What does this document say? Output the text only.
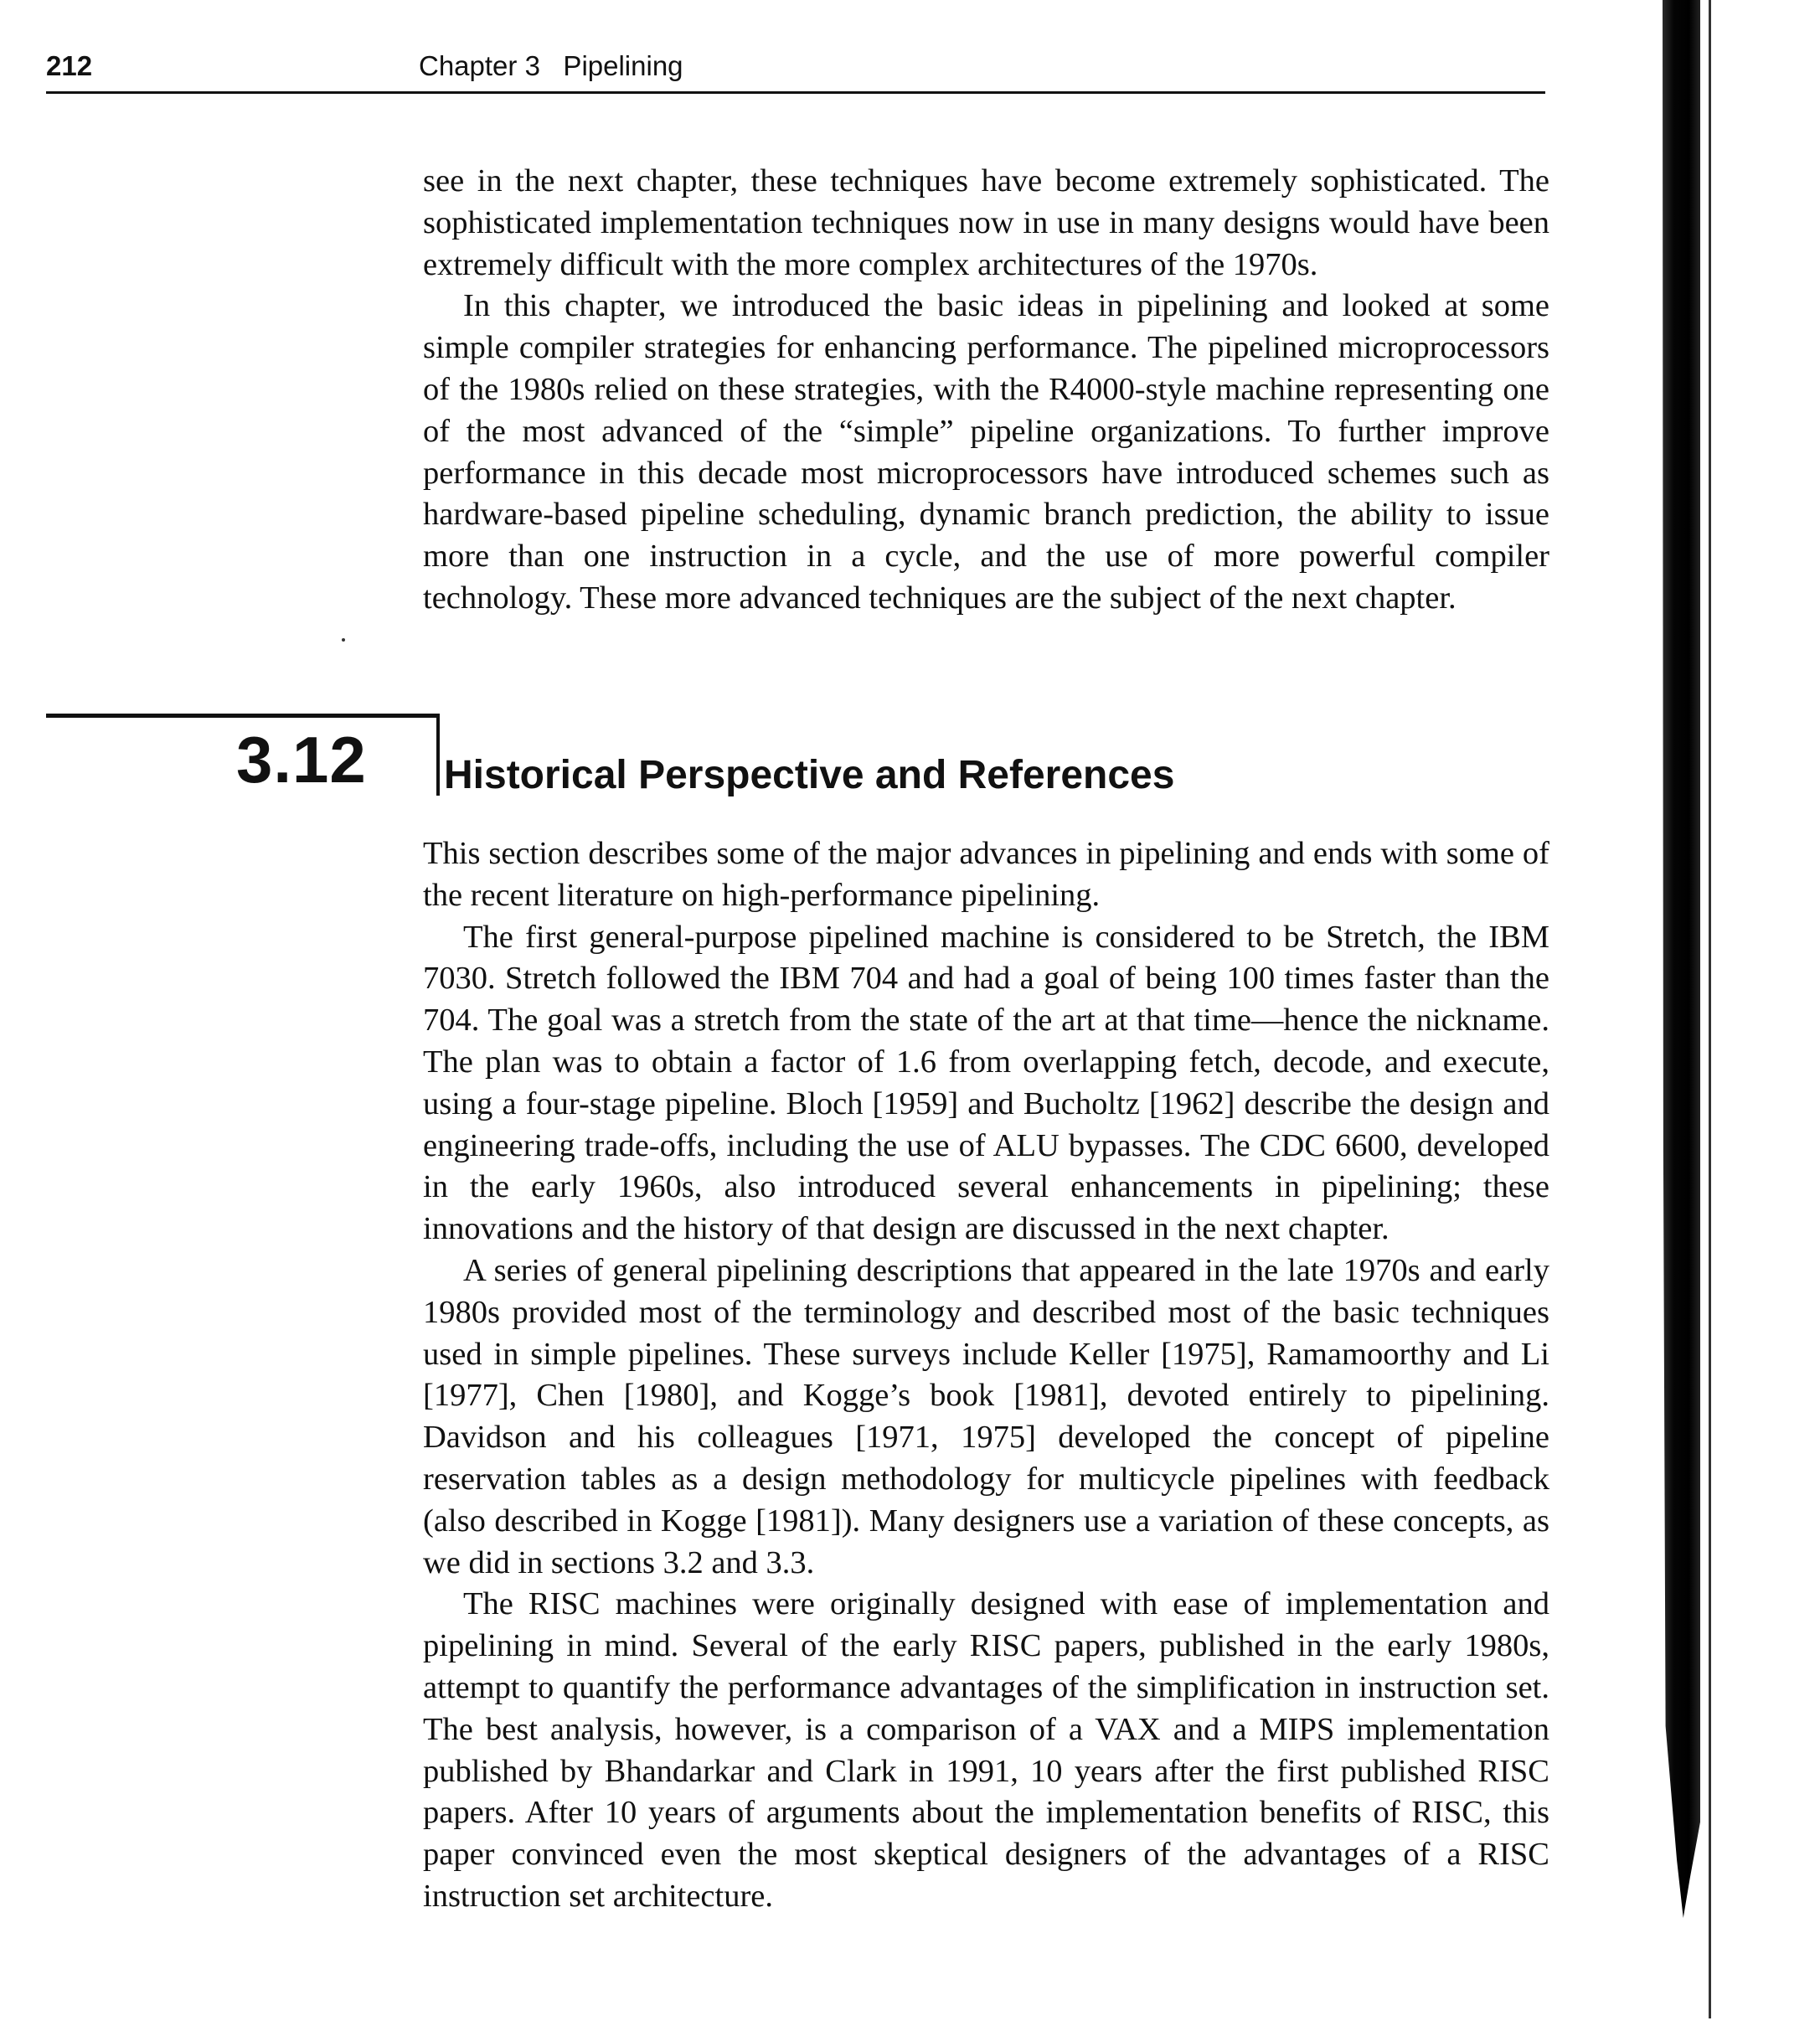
212	Chapter 3   Pipelining

see in the next chapter, these techniques have become extremely sophisticated. The sophisticated implementation techniques now in use in many designs would have been extremely difficult with the more complex architectures of the 1970s.

In this chapter, we introduced the basic ideas in pipelining and looked at some simple compiler strategies for enhancing performance. The pipelined microprocessors of the 1980s relied on these strategies, with the R4000-style machine representing one of the most advanced of the “simple” pipeline organizations. To further improve performance in this decade most microprocessors have introduced schemes such as hardware-based pipeline scheduling, dynamic branch prediction, the ability to issue more than one instruction in a cycle, and the use of more powerful compiler technology. These more advanced techniques are the subject of the next chapter.

3.12 Historical Perspective and References

This section describes some of the major advances in pipelining and ends with some of the recent literature on high-performance pipelining.

The first general-purpose pipelined machine is considered to be Stretch, the IBM 7030. Stretch followed the IBM 704 and had a goal of being 100 times faster than the 704. The goal was a stretch from the state of the art at that time—hence the nickname. The plan was to obtain a factor of 1.6 from overlapping fetch, decode, and execute, using a four-stage pipeline. Bloch [1959] and Bucholtz [1962] describe the design and engineering trade-offs, including the use of ALU bypasses. The CDC 6600, developed in the early 1960s, also introduced several enhancements in pipelining; these innovations and the history of that design are discussed in the next chapter.

A series of general pipelining descriptions that appeared in the late 1970s and early 1980s provided most of the terminology and described most of the basic techniques used in simple pipelines. These surveys include Keller [1975], Ramamoorthy and Li [1977], Chen [1980], and Kogge’s book [1981], devoted entirely to pipelining. Davidson and his colleagues [1971, 1975] developed the concept of pipeline reservation tables as a design methodology for multicycle pipelines with feedback (also described in Kogge [1981]). Many designers use a variation of these concepts, as we did in sections 3.2 and 3.3.

The RISC machines were originally designed with ease of implementation and pipelining in mind. Several of the early RISC papers, published in the early 1980s, attempt to quantify the performance advantages of the simplification in instruction set. The best analysis, however, is a comparison of a VAX and a MIPS implementation published by Bhandarkar and Clark in 1991, 10 years after the first published RISC papers. After 10 years of arguments about the implementation benefits of RISC, this paper convinced even the most skeptical designers of the advantages of a RISC instruction set architecture.
